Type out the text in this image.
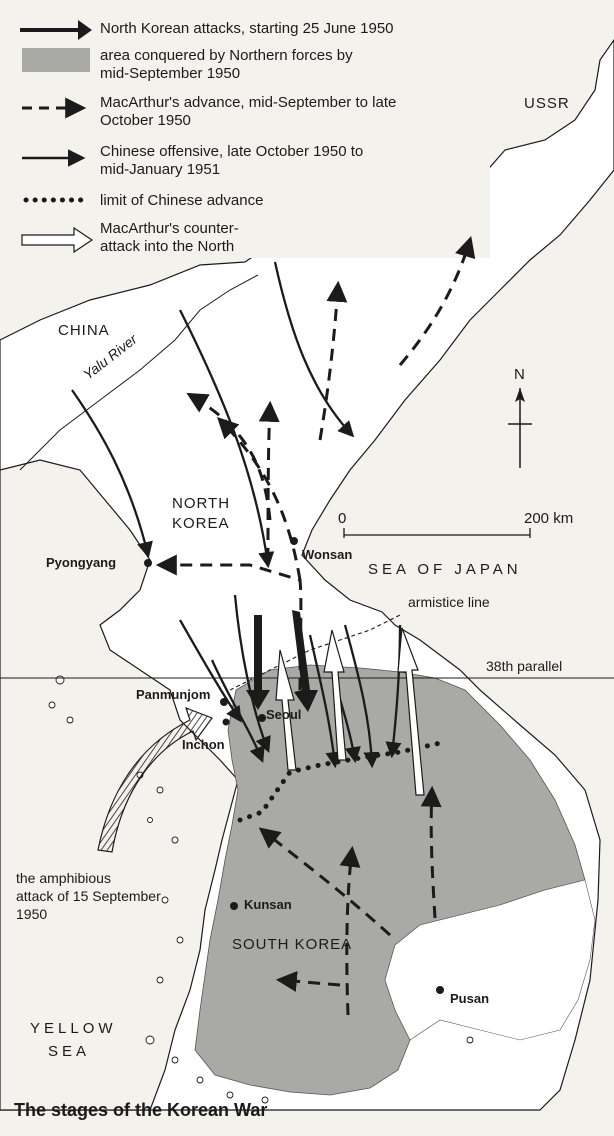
North Korean attacks, starting 25 June 1950
area conquered by Northern forces by
mid-September 1950
MacArthur's advance, mid-September to late
October 1950
Chinese offensive, late October 1950 to
mid-January 1951
limit of Chinese advance
MacArthur's counter-
attack into the North
USSR
CHINA
Yalu River
NORTH
KOREA
SOUTH KOREA
SEA OF JAPAN
YELLOW
SEA
armistice line
38th parallel
the amphibious
attack of 15 September
1950
Pyongyang
Wonsan
Panmunjom
Seoul
Inchon
Kunsan
Pusan
0	200 km
N
The stages of the Korean War
